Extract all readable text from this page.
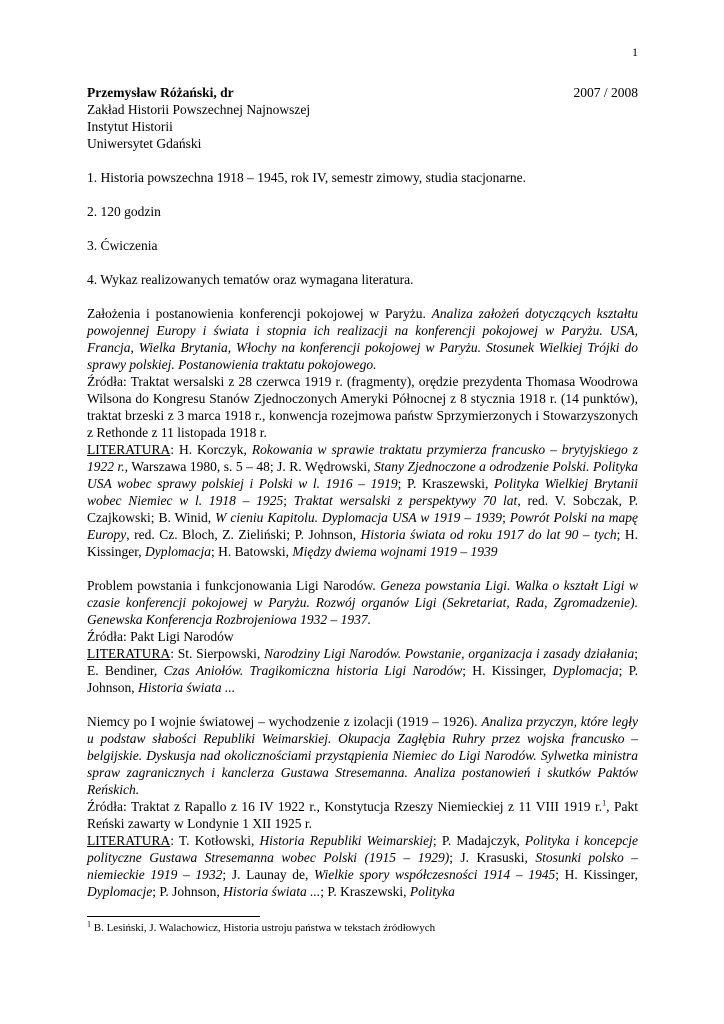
1
Przemysław Różański, dr	2007 / 2008

Zakład Historii Powszechnej Najnowszej

Instytut Historii

Uniwersytet Gdański

1. Historia powszechna 1918 – 1945, rok IV, semestr zimowy, studia stacjonarne.

2. 120 godzin

3. Ćwiczenia

4. Wykaz realizowanych tematów oraz wymagana literatura.

Założenia i postanowienia konferencji pokojowej w Paryżu. Analiza założeń dotyczących kształtu powojennej Europy i świata i stopnia ich realizacji na konferencji pokojowej w Paryżu. USA, Francja, Wielka Brytania, Włochy na konferencji pokojowej w Paryżu. Stosunek Wielkiej Trójki do sprawy polskiej. Postanowienia traktatu pokojowego.

Źródła: Traktat wersalski z 28 czerwca 1919 r. (fragmenty), orędzie prezydenta Thomasa Woodrowa Wilsona do Kongresu Stanów Zjednoczonych Ameryki Północnej z 8 stycznia 1918 r. (14 punktów), traktat brzeski z 3 marca 1918 r., konwencja rozejmowa państw Sprzymierzonych i Stowarzyszonych z Rethonde z 11 listopada 1918 r.

LITERATURA: H. Korczyk, Rokowania w sprawie traktatu przymierza francusko – brytyjskiego z 1922 r., Warszawa 1980, s. 5 – 48; J. R. Wędrowski, Stany Zjednoczone a odrodzenie Polski. Polityka USA wobec sprawy polskiej i Polski w l. 1916 – 1919; P. Kraszewski, Polityka Wielkiej Brytanii wobec Niemiec w l. 1918 – 1925; Traktat wersalski z perspektywy 70 lat, red. V. Sobczak, P. Czajkowski; B. Winid, W cieniu Kapitolu. Dyplomacja USA w 1919 – 1939; Powrót Polski na mapę Europy, red. Cz. Bloch, Z. Zieliński; P. Johnson, Historia świata od roku 1917 do lat 90 – tych; H. Kissinger, Dyplomacja; H. Batowski, Między dwiema wojnami 1919 – 1939

Problem powstania i funkcjonowania Ligi Narodów. Geneza powstania Ligi. Walka o kształt Ligi w czasie konferencji pokojowej w Paryżu. Rozwój organów Ligi (Sekretariat, Rada, Zgromadzenie). Genewska Konferencja Rozbrojeniowa 1932 – 1937.

Źródła: Pakt Ligi Narodów

LITERATURA: St. Sierpowski, Narodziny Ligi Narodów. Powstanie, organizacja i zasady działania; E. Bendiner, Czas Aniołów. Tragikomiczna historia Ligi Narodów; H. Kissinger, Dyplomacja; P. Johnson, Historia świata ...

Niemcy po I wojnie światowej – wychodzenie z izolacji (1919 – 1926). Analiza przyczyn, które legły u podstaw słabości Republiki Weimarskiej. Okupacja Zagłębia Ruhry przez wojska francusko – belgijskie. Dyskusja nad okolicznościami przystąpienia Niemiec do Ligi Narodów. Sylwetka ministra spraw zagranicznych i kanclerza Gustawa Stresemanna. Analiza postanowień i skutków Paktów Reńskich.

Źródła: Traktat z Rapallo z 16 IV 1922 r., Konstytucja Rzeszy Niemieckiej z 11 VIII 1919 r.$^1$, Pakt Reński zawarty w Londynie 1 XII 1925 r.

LITERATURA: T. Kotłowski, Historia Republiki Weimarskiej; P. Madajczyk, Polityka i koncepcje polityczne Gustawa Stresemanna wobec Polski (1915 – 1929); J. Krasuski, Stosunki polsko – niemieckie 1919 – 1932; J. Launay de, Wielkie spory współczesności 1914 – 1945; H. Kissinger, Dyplomacje; P. Johnson, Historia świata ...; P. Kraszewski, Polityka

$^1$ B. Lesiński, J. Walachowicz, Historia ustroju państwa w tekstach źródłowych
